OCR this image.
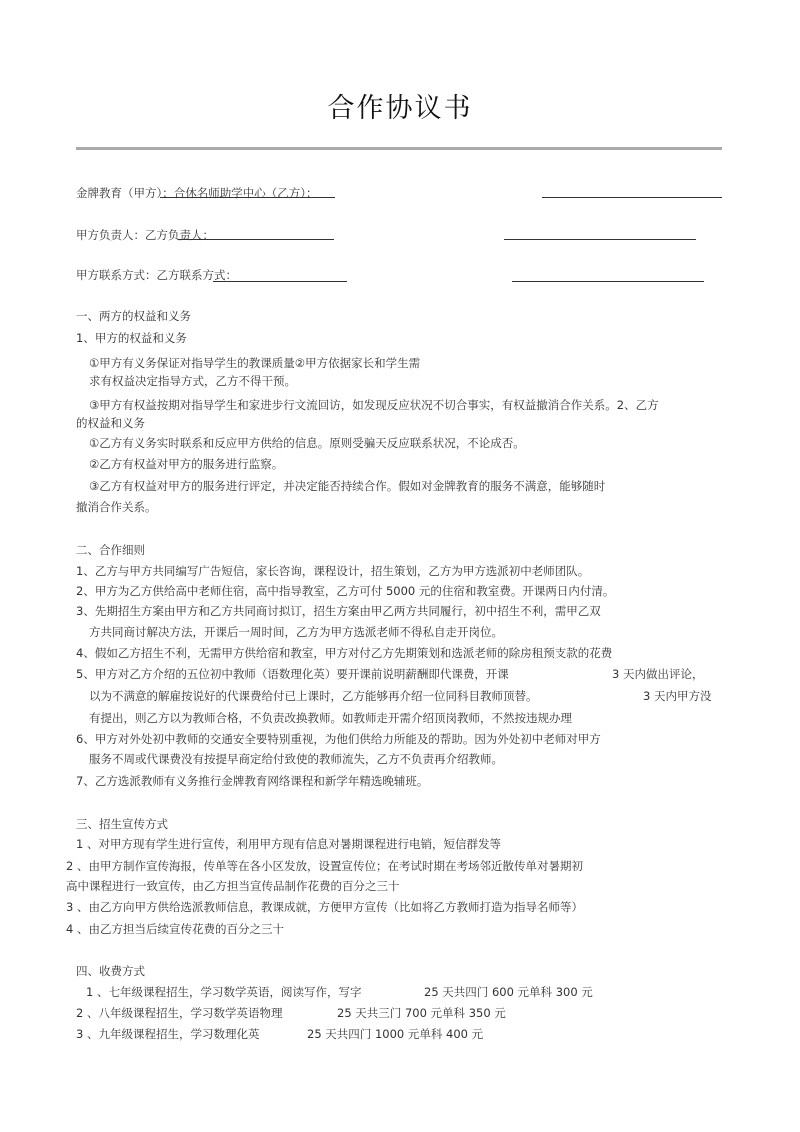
合作协议书
金牌教育（甲方）：合休名师助学中心（乙方）：
甲方负责人：乙方负责人：
甲方联系方式：乙方联系方式：
一、两方的权益和义务
1、甲方的权益和义务
①甲方有义务保证对指导学生的教课质量②甲方依据家长和学生需
求有权益决定指导方式，乙方不得干预。
③甲方有权益按期对指导学生和家进步行文流回访，如发现反应状况不切合事实，有权益撤消合作关系。2、乙方
的权益和义务
①乙方有义务实时联系和反应甲方供给的信息。原则受骗天反应联系状况，不论成否。
②乙方有权益对甲方的服务进行监察。
③乙方有权益对甲方的服务进行评定，并决定能否持续合作。假如对金牌教育的服务不满意，能够随时
撤消合作关系。
二、合作细则
1、乙方与甲方共同编写广告短信，家长咨询，课程设计，招生策划，乙方为甲方选派初中老师团队。
2、甲方为乙方供给高中老师住宿，高中指导教室，乙方可付 5000 元的住宿和教室费。开课两日内付清。
3、先期招生方案由甲方和乙方共同商讨拟订，招生方案由甲乙两方共同履行，初中招生不利，需甲乙双
方共同商讨解决方法，开课后一周时间，乙方为甲方选派老师不得私自走开岗位。
4、假如乙方招生不利，无需甲方供给宿和教室，甲方对付乙方先期策划和选派老师的除房租预支款的花费
5、甲方对乙方介绍的五位初中教师（语数理化英）要开课前说明薪酬即代课费，开课	3 天内做出评论，
以为不满意的解雇按说好的代课费给付已上课时，乙方能够再介绍一位同科目教师顶替。	3 天内甲方没
有提出，则乙方以为教师合格，不负责改换教师。如教师走开需介绍顶岗教师，不然按违规办理
6、甲方对外处初中教师的交通安全要特别重视，为他们供给力所能及的帮助。因为外处初中老师对甲方
服务不周或代课费没有按提早商定给付致使的教师流失，乙方不负责再介绍教师。
7、乙方选派教师有义务推行金牌教育网络课程和新学年精选晚辅班。
三、招生宣传方式
1 、对甲方现有学生进行宣传，利用甲方现有信息对暑期课程进行电销，短信群发等
2 、由甲方制作宣传海报，传单等在各小区发放，设置宣传位；在考试时期在考场邻近散传单对暑期初
高中课程进行一致宣传，由乙方担当宣传品制作花费的百分之三十
3 、由乙方向甲方供给选派教师信息，教课成就，方便甲方宣传（比如将乙方教师打造为指导名师等）
4 、由乙方担当后续宣传花费的百分之三十
四、收费方式
1 、七年级课程招生，学习数学英语，阅读写作，写字	25 天共四门 600 元单科 300 元
2 、八年级课程招生，学习数学英语物理	25 天共三门 700 元单科 350 元
3 、九年级课程招生，学习数理化英	25 天共四门 1000 元单科 400 元
